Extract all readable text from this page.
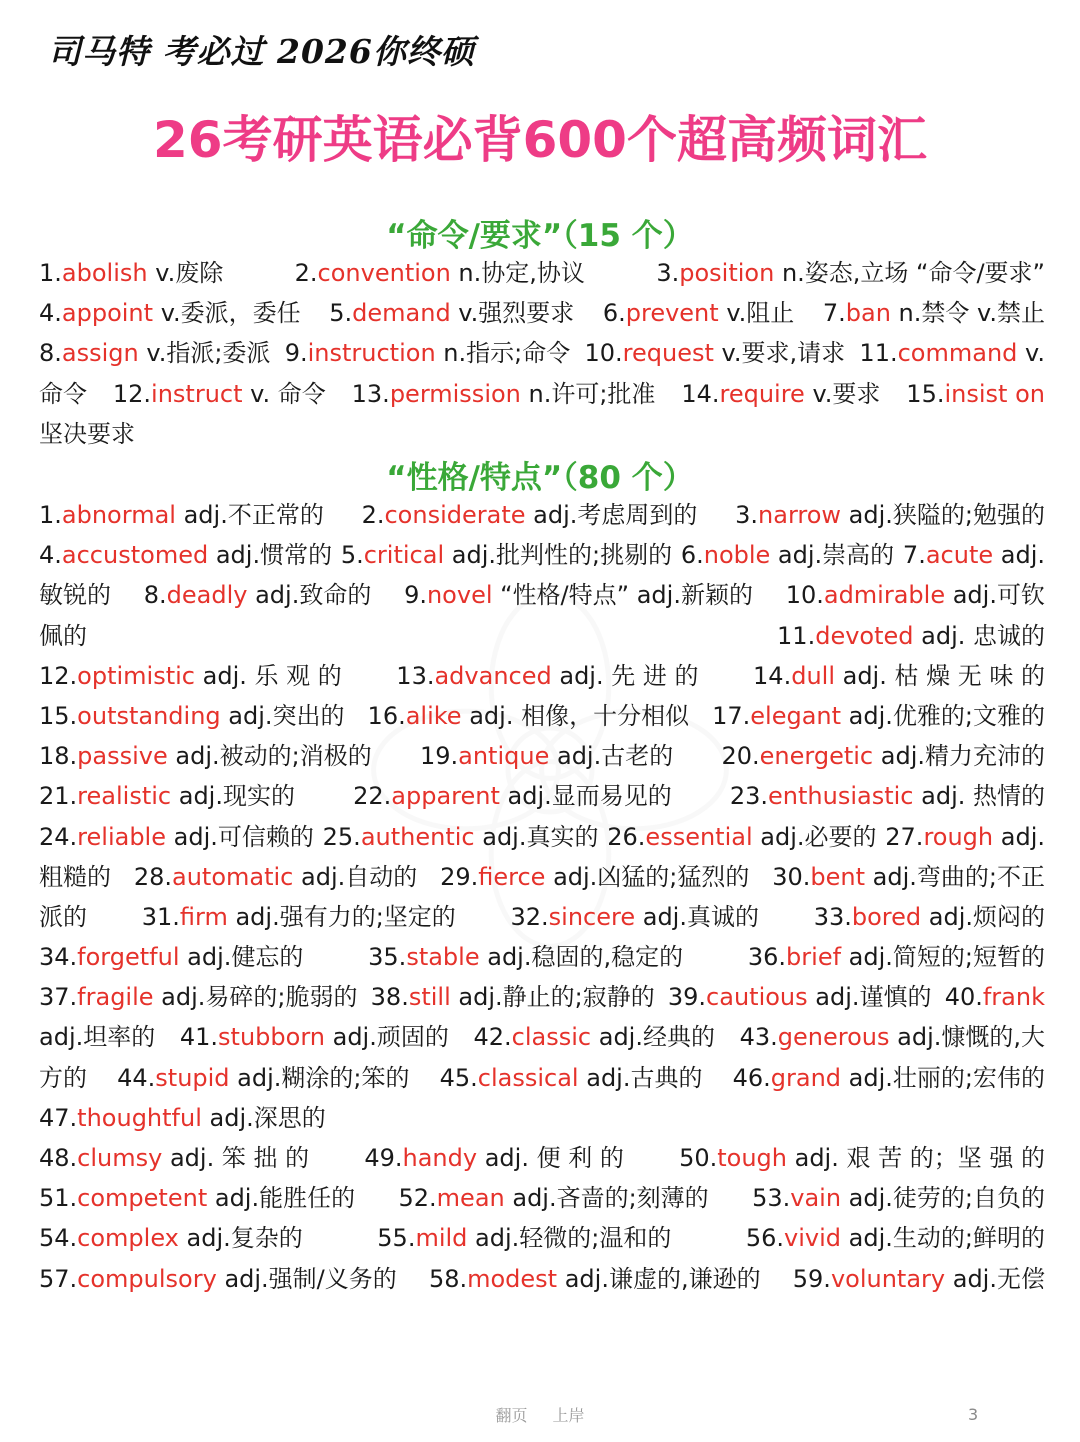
司马特 考必过 2026你终硕
26考研英语必背600个超高频词汇
“命令/要求”（15 个）
1.abolish v.废除	2.convention n.协定,协议	3.position n.姿态,立场 “命令/要求”
4.appoint v.委派，委任 5.demand v.强烈要求 6.prevent v.阻止 7.ban n.禁令 v.禁止
8.assign v.指派;委派 9.instruction n.指示;命令 10.request v.要求,请求 11.command v.
命令 12.instruct v. 命令 13.permission n.许可;批准 14.require v.要求 15.insist on
坚决要求
“性格/特点”（80 个）
1.abnormal adj.不正常的 2.considerate adj.考虑周到的 3.narrow adj.狭隘的;勉强的
4.accustomed adj.惯常的 5.critical adj.批判性的;挑剔的 6.noble adj.崇高的 7.acute adj.
敏锐的 8.deadly adj.致命的 9.novel “性格/特点” adj.新颖的 10.admirable adj.可钦
佩的	11.devoted adj. 忠诚的
12.optimistic adj. 乐 观 的 13.advanced adj. 先 进 的 14.dull adj. 枯 燥 无 味 的
15.outstanding adj.突出的 16.alike adj. 相像，十分相似 17.elegant adj.优雅的;文雅的
18.passive adj.被动的;消极的 19.antique adj.古老的 20.energetic adj.精力充沛的
21.realistic adj.现实的 22.apparent adj.显而易见的 23.enthusiastic adj. 热情的
24.reliable adj.可信赖的 25.authentic adj.真实的 26.essential adj.必要的 27.rough adj.
粗糙的 28.automatic adj.自动的 29.fierce adj.凶猛的;猛烈的 30.bent adj.弯曲的;不正
派的 31.firm adj.强有力的;坚定的 32.sincere adj.真诚的 33.bored adj.烦闷的
34.forgetful adj.健忘的	35.stable adj.稳固的,稳定的	36.brief adj.简短的;短暂的
37.fragile adj.易碎的;脆弱的 38.still adj.静止的;寂静的 39.cautious adj.谨慎的 40.frank
adj.坦率的 41.stubborn adj.顽固的 42.classic adj.经典的 43.generous adj.慷慨的,大
方的 44.stupid adj.糊涂的;笨的 45.classical adj.古典的 46.grand adj.壮丽的;宏伟的
47.thoughtful adj.深思的
48.clumsy adj. 笨 拙 的 49.handy adj. 便 利 的 50.tough adj. 艰 苦 的；坚 强 的
51.competent adj.能胜任的 52.mean adj.吝啬的;刻薄的 53.vain adj.徒劳的;自负的
54.complex adj.复杂的	55.mild adj.轻微的;温和的	56.vivid adj.生动的;鲜明的
57.compulsory adj.强制/义务的 58.modest adj.谦虚的,谦逊的 59.voluntary adj.无偿
翻页 上岸	3
